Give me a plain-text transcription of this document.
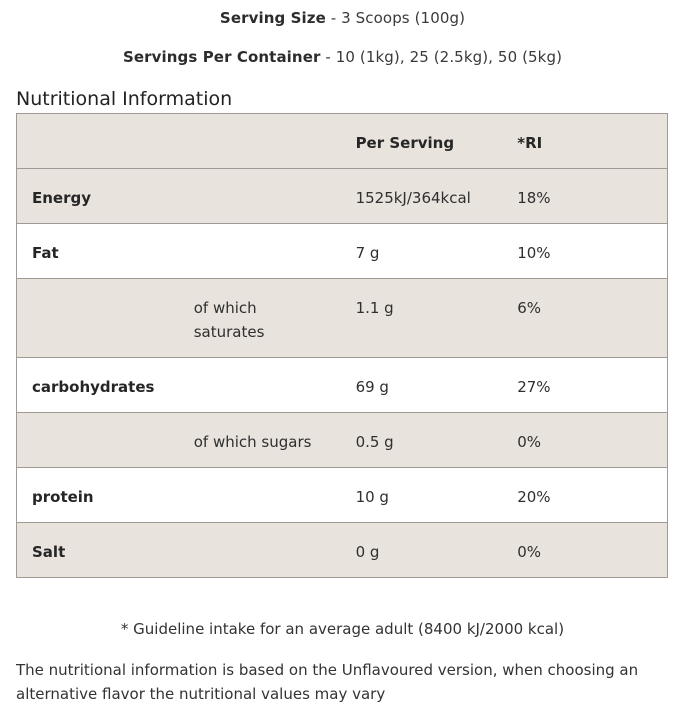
Serving Size - 3 Scoops (100g)
Servings Per Container - 10 (1kg), 25 (2.5kg), 50 (5kg)
Nutritional Information

		Per Serving	*RI

Energy		1525kJ/364kcal	18%

Fat		7 g	10%

	of which saturates	1.1 g	6%

carbohydrates		69 g	27%

	of which sugars	0.5 g	0%

protein		10 g	20%

Salt		0 g	0%
* Guideline intake for an average adult (8400 kJ/2000 kcal)
The nutritional information is based on the Unflavoured version, when choosing an alternative flavor the nutritional values may vary
